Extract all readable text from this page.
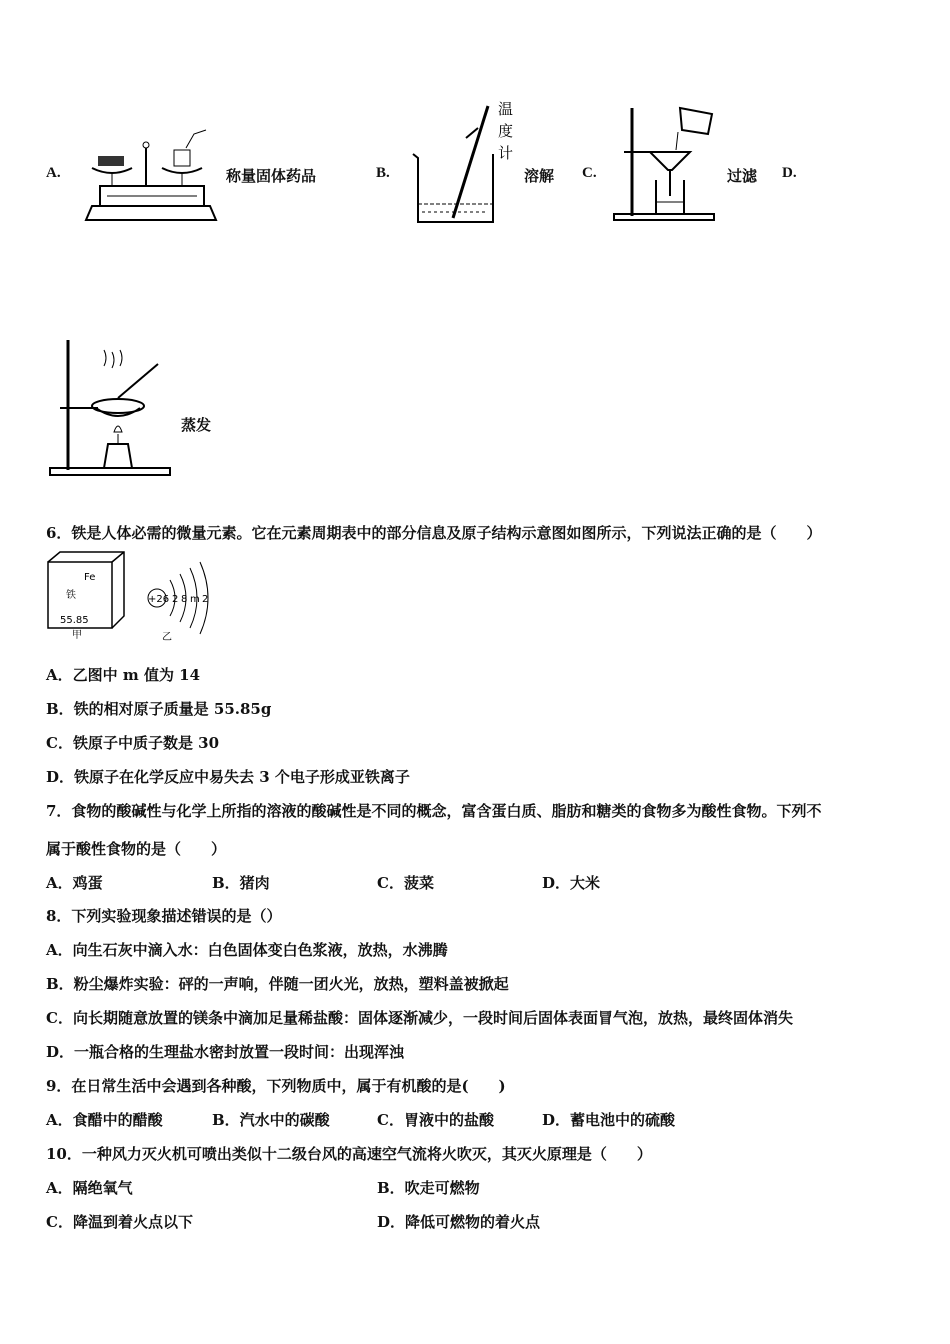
A.	称量固体药品	B.
温
度
计
溶解 C.	过滤 D.
蒸发
6．铁是人体必需的微量元素。它在元素周期表中的部分信息及原子结构示意图如图所示，下列说法正确的是（　　）
Fe
铁
55.85
甲
+26 2 8 m 2
乙
A．乙图中 m 值为 14
B．铁的相对原子质量是 55.85g
C．铁原子中质子数是 30
D．铁原子在化学反应中易失去 3 个电子形成亚铁离子
7．食物的酸碱性与化学上所指的溶液的酸碱性是不同的概念，富含蛋白质、脂肪和糖类的食物多为酸性食物。下列不
属于酸性食物的是（　　）
A．鸡蛋	B．猪肉	C．菠菜	D．大米
8．下列实验现象描述错误的是（）
A．向生石灰中滴入水：白色固体变白色浆液，放热，水沸腾
B．粉尘爆炸实验：砰的一声响，伴随一团火光，放热，塑料盖被掀起
C．向长期随意放置的镁条中滴加足量稀盐酸：固体逐渐减少，一段时间后固体表面冒气泡，放热，最终固体消失
D．一瓶合格的生理盐水密封放置一段时间：出现浑浊
9．在日常生活中会遇到各种酸，下列物质中，属于有机酸的是(　　)
A．食醋中的醋酸	B．汽水中的碳酸	C．胃液中的盐酸	D．蓄电池中的硫酸
10．一种风力灭火机可喷出类似十二级台风的高速空气流将火吹灭，其灭火原理是（　　）
A．隔绝氧气	B．吹走可燃物
C．降温到着火点以下	D．降低可燃物的着火点
